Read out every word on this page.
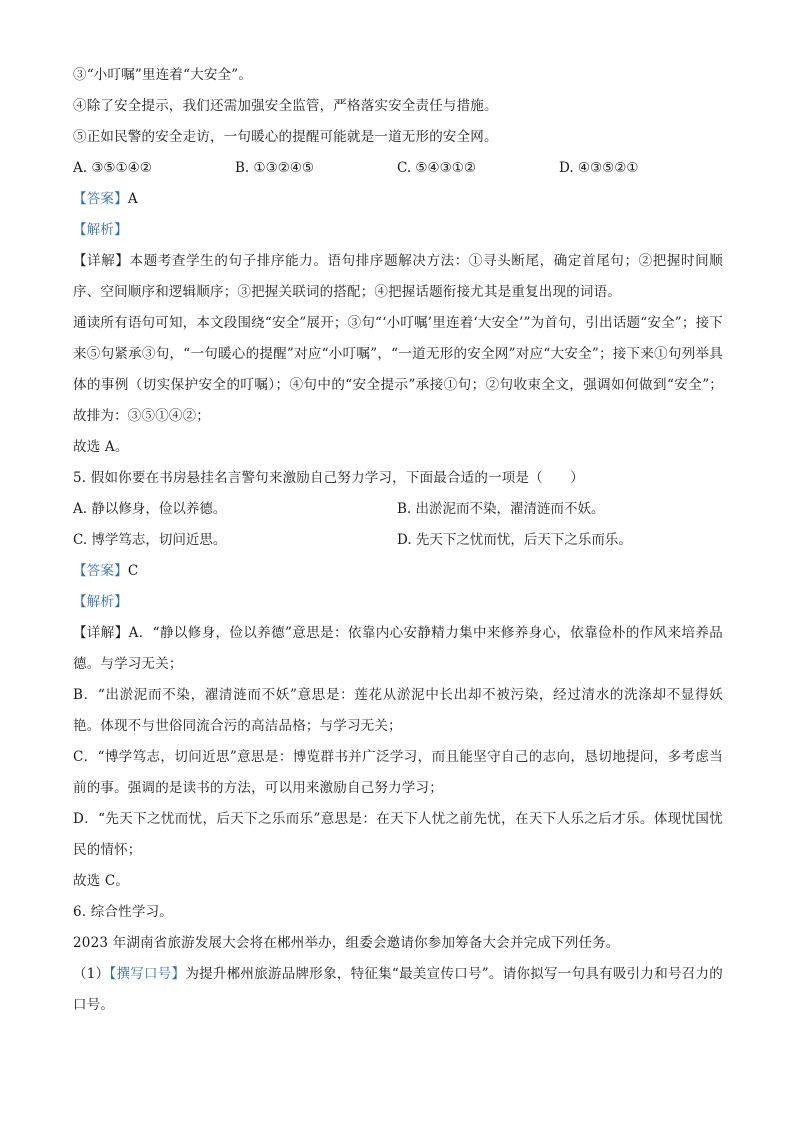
③“小叮嘱”里连着“大安全”。
④除了安全提示，我们还需加强安全监管，严格落实安全责任与措施。
⑤正如民警的安全走访，一句暖心的提醒可能就是一道无形的安全网。
A. ③⑤①④②	B. ①③②④⑤	C. ⑤④③①②	D. ④③⑤②①
【答案】A
【解析】
【详解】本题考查学生的句子排序能力。语句排序题解决方法：①寻头断尾，确定首尾句；②把握时间顺序、空间顺序和逻辑顺序；③把握关联词的搭配；④把握话题衔接尤其是重复出现的词语。
通读所有语句可知，本文段围绕“安全”展开；③句“‘小叮嘱’里连着‘大安全’”为首句，引出话题“安全”；接下来⑤句紧承③句，“一句暖心的提醒”对应“小叮嘱”，“一道无形的安全网”对应“大安全”；接下来①句列举具体的事例（切实保护安全的叮嘱）；④句中的“安全提示”承接①句；②句收束全文，强调如何做到“安全”；故排为：③⑤①④②；
故选 A。
5. 假如你要在书房悬挂名言警句来激励自己努力学习，下面最合适的一项是（　　）
A. 静以修身，俭以养德。	B. 出淤泥而不染，濯清涟而不妖。
C. 博学笃志，切问近思。	D. 先天下之忧而忧，后天下之乐而乐。
【答案】C
【解析】
【详解】A．“静以修身，俭以养德”意思是：依靠内心安静精力集中来修养身心，依靠俭朴的作风来培养品德。与学习无关；
B．“出淤泥而不染，濯清涟而不妖”意思是：莲花从淤泥中长出却不被污染，经过清水的洗涤却不显得妖艳。体现不与世俗同流合污的高洁品格；与学习无关；
C．“博学笃志，切问近思”意思是：博览群书并广泛学习，而且能坚守自己的志向，恳切地提问，多考虑当前的事。强调的是读书的方法，可以用来激励自己努力学习；
D．“先天下之忧而忧，后天下之乐而乐”意思是：在天下人忧之前先忧，在天下人乐之后才乐。体现忧国忧民的情怀；
故选 C。
6. 综合性学习。
2023 年湖南省旅游发展大会将在郴州举办，组委会邀请你参加筹备大会并完成下列任务。
（1）【撰写口号】为提升郴州旅游品牌形象，特征集“最美宣传口号”。请你拟写一句具有吸引力和号召力的口号。
